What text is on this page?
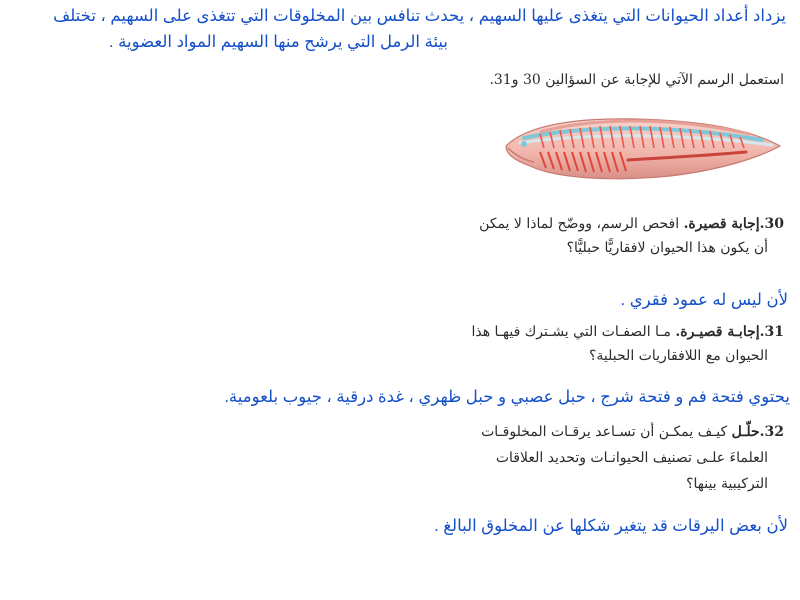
يزداد أعداد الحيوانات التي يتغذى عليها السهيم ، يحدث تنافس بين المخلوقات التي تتغذى على السهيم ، تختلف
بيئة الرمل التي يرشح منها السهيم المواد العضوية .
استعمل الرسم الآتي للإجابة عن السؤالين 30 و31.
30.إجابة قصيرة. افحص الرسم، ووضّح لماذا لا يمكن
أن يكون هذا الحيوان لافقاريًّا حبليًّا؟
لأن ليس له عمود فقري .
31.إجابـة قصيـرة. مـا الصفـات التي يشـترك فيهـا هذا
الحيوان مع اللافقاريات الحبلية؟
يحتوي فتحة فم و فتحة شرج ، حبل عصبي و حبل ظهري ، غدة درقية ، جيوب بلعومية.
32.حلّـل كيـف يمكـن أن تسـاعد يرقـات المخلوقـات
العلماءَ علـى تصنيف الحيوانـات وتحديد العلاقات
التركيبية بينها؟
لأن بعض اليرقات قد يتغير شكلها عن المخلوق البالغ .
